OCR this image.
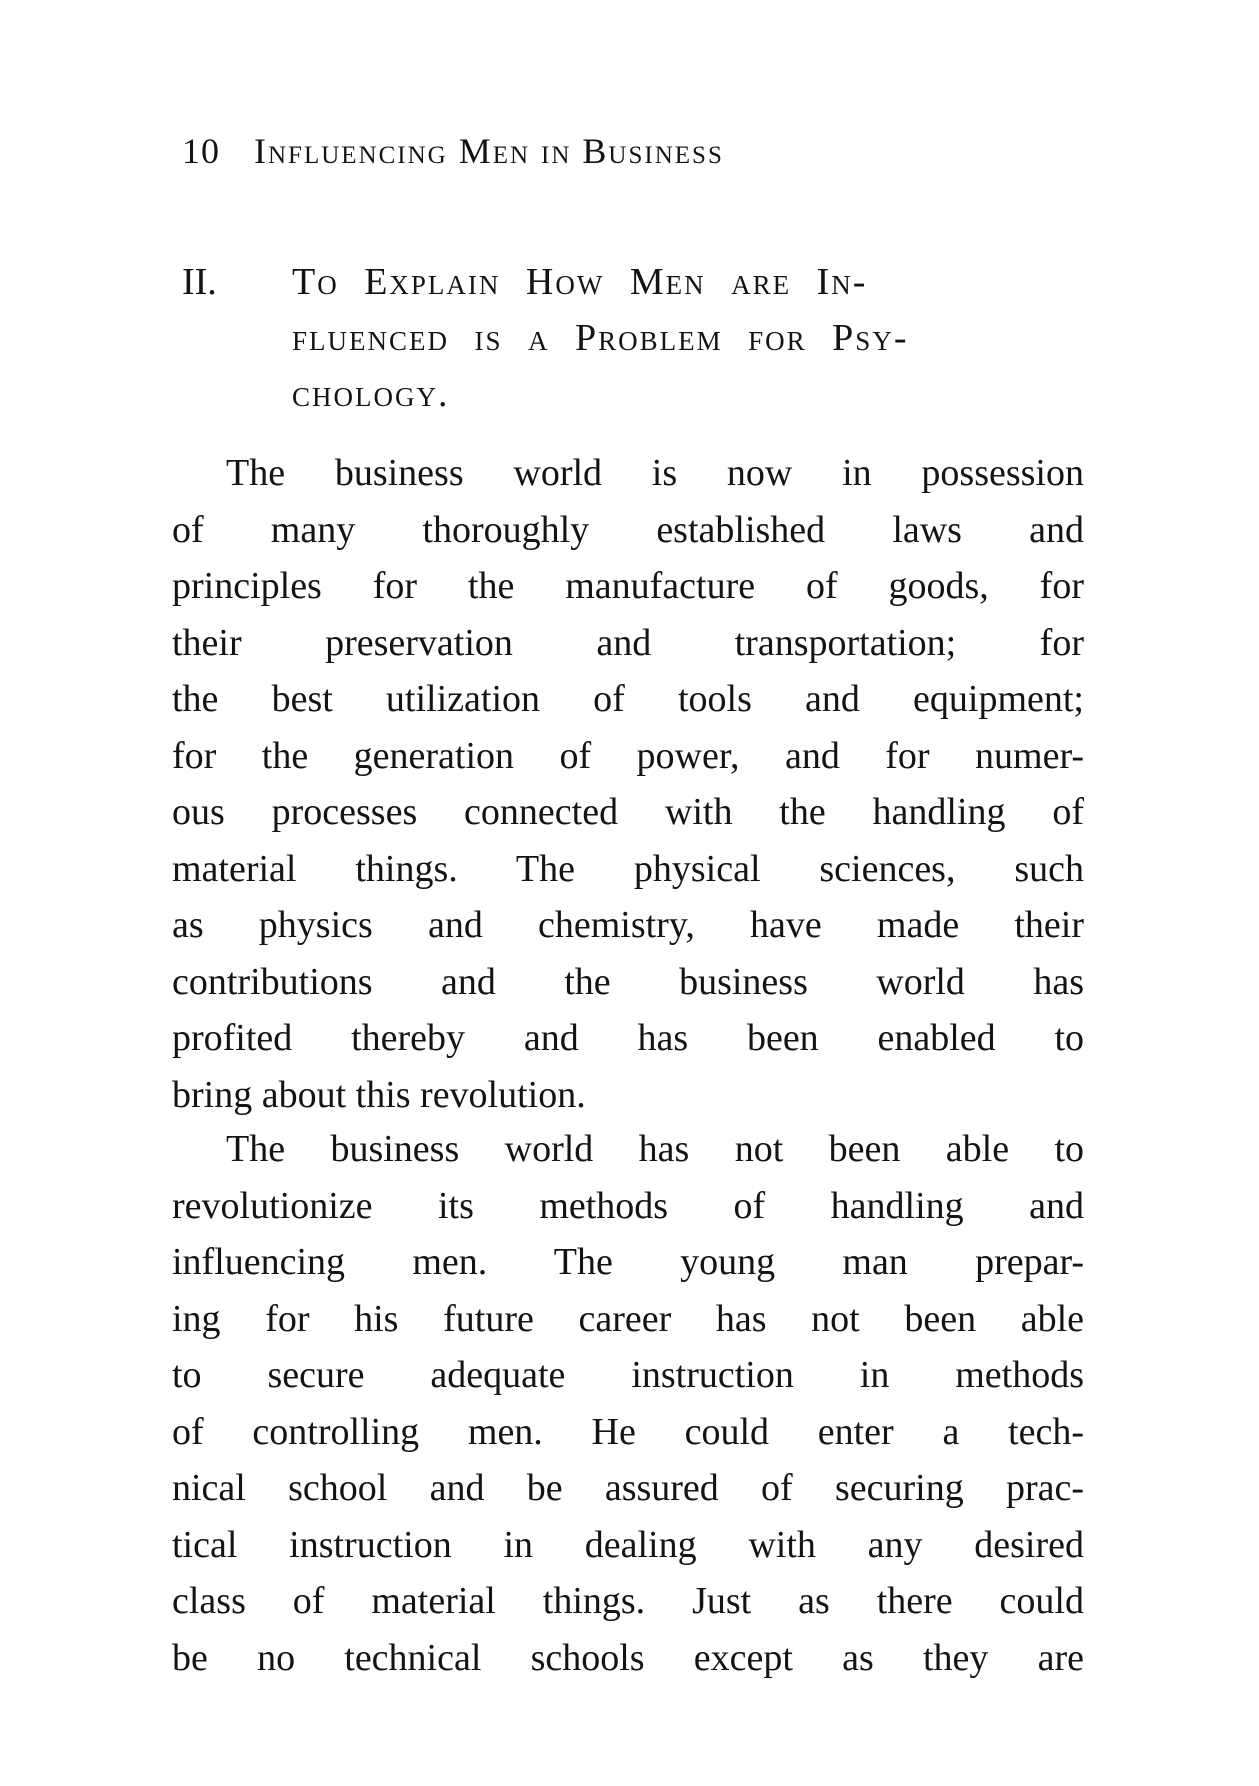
10 Influencing Men in Business
II. To Explain How Men are In-
fluenced is a Problem for Psy-
chology.
The business world is now in possession
of many thoroughly established laws and
principles for the manufacture of goods, for
their preservation and transportation; for
the best utilization of tools and equipment;
for the generation of power, and for numer-
ous processes connected with the handling of
material things. The physical sciences, such
as physics and chemistry, have made their
contributions and the business world has
profited thereby and has been enabled to
bring about this revolution.
The business world has not been able to
revolutionize its methods of handling and
influencing men. The young man prepar-
ing for his future career has not been able
to secure adequate instruction in methods
of controlling men. He could enter a tech-
nical school and be assured of securing prac-
tical instruction in dealing with any desired
class of material things. Just as there could
be no technical schools except as they are
